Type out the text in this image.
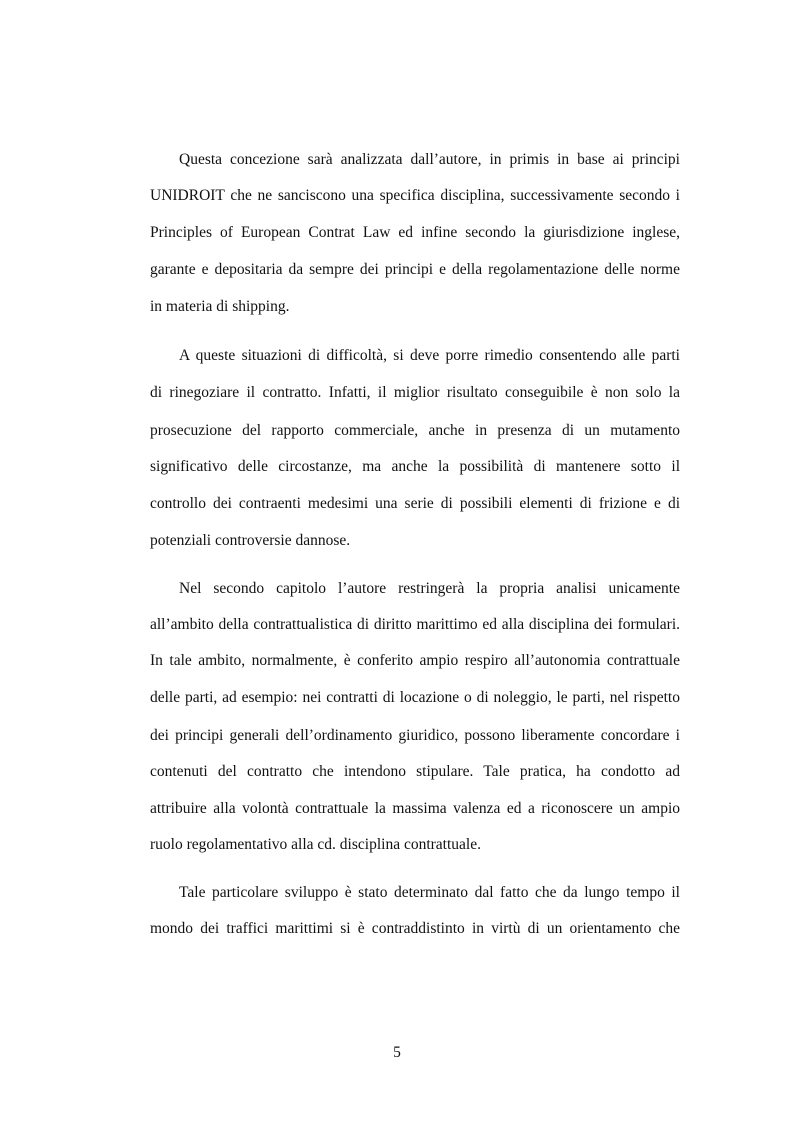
Questa concezione sarà analizzata dall’autore, in primis in base ai principi

UNIDROIT che ne sanciscono una specifica disciplina, successivamente secondo i

Principles of European Contrat Law ed infine secondo la giurisdizione inglese,

garante e depositaria da sempre dei principi e della regolamentazione delle norme

in materia di shipping.

A queste situazioni di difficoltà, si deve porre rimedio consentendo alle parti

di rinegoziare il contratto. Infatti, il miglior risultato conseguibile è non solo la

prosecuzione del rapporto commerciale, anche in presenza di un mutamento

significativo delle circostanze, ma anche la possibilità di mantenere sotto il

controllo dei contraenti medesimi una serie di possibili elementi di frizione e di

potenziali controversie dannose.

Nel secondo capitolo l’autore restringerà la propria analisi unicamente

all’ambito della contrattualistica di diritto marittimo ed alla disciplina dei formulari.

In tale ambito, normalmente, è conferito ampio respiro all’autonomia contrattuale

delle parti, ad esempio: nei contratti di locazione o di noleggio, le parti, nel rispetto

dei principi generali dell’ordinamento giuridico, possono liberamente concordare i

contenuti del contratto che intendono stipulare. Tale pratica, ha condotto ad

attribuire alla volontà contrattuale la massima valenza ed a riconoscere un ampio

ruolo regolamentativo alla cd. disciplina contrattuale.

Tale particolare sviluppo è stato determinato dal fatto che da lungo tempo il

mondo dei traffici marittimi si è contraddistinto in virtù di un orientamento che

5
